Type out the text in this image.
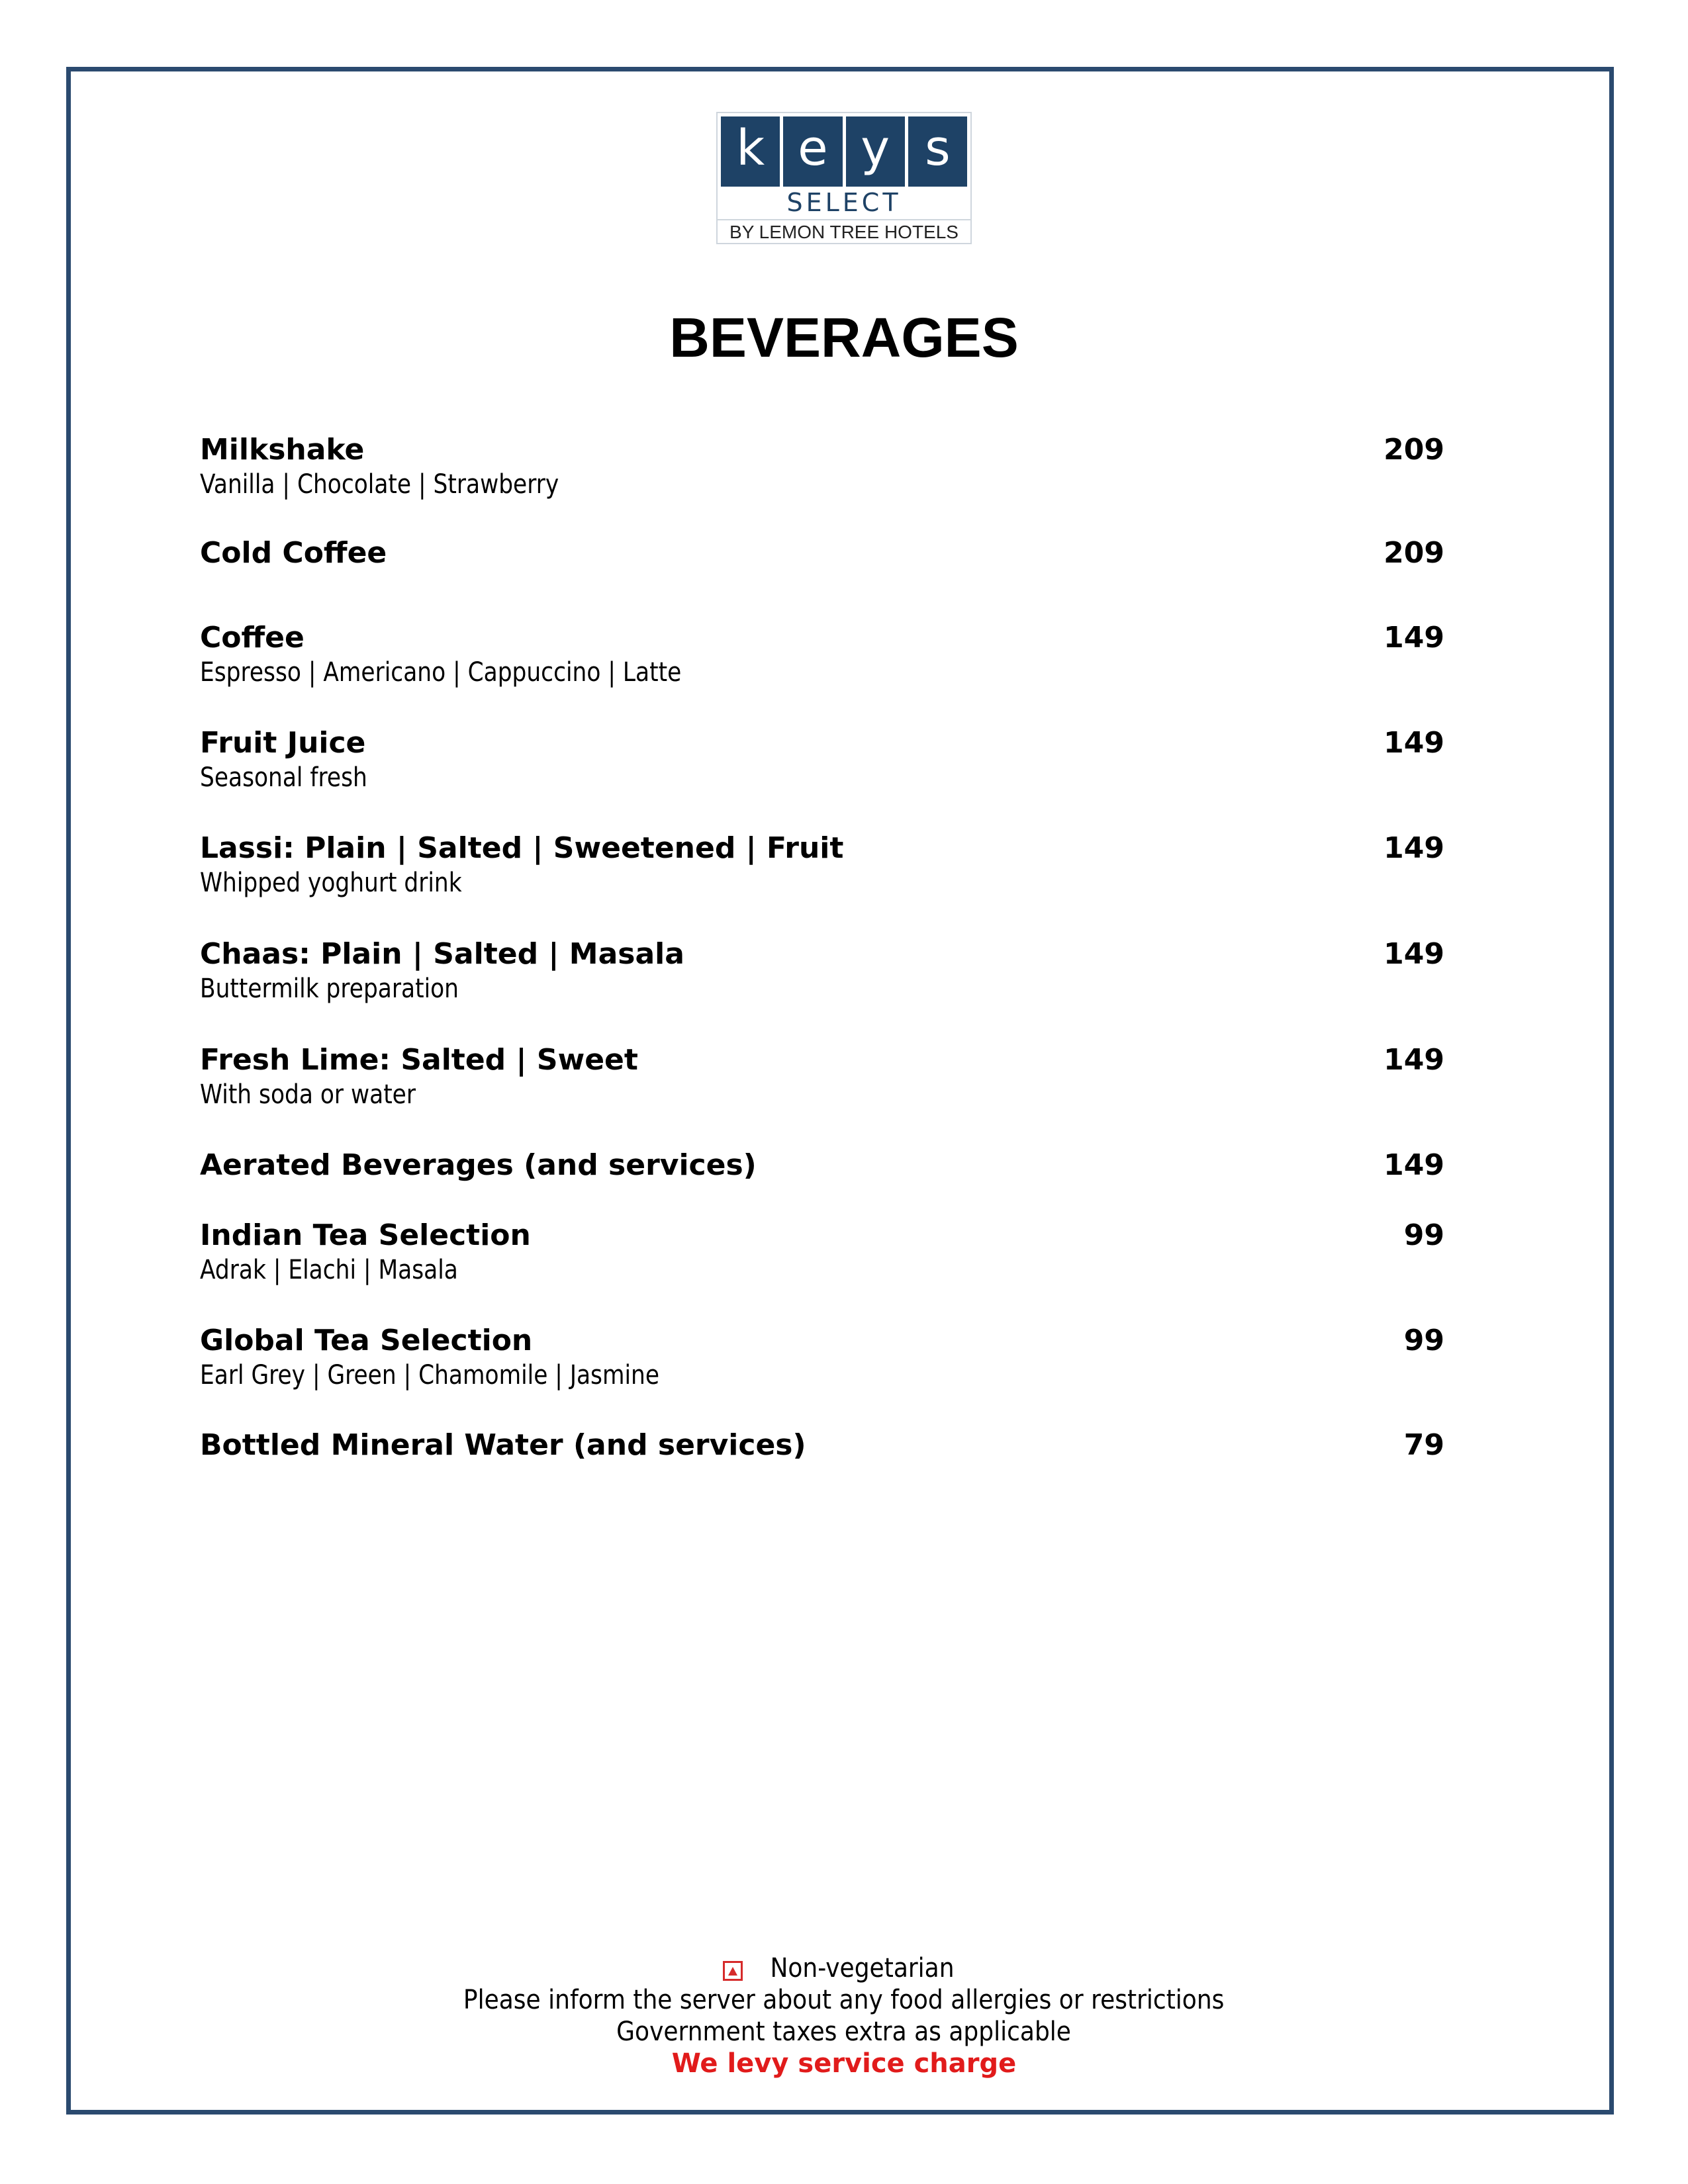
k e y s
SELECT
BY LEMON TREE HOTELS
BEVERAGES
Milkshake	209
Vanilla | Chocolate | Strawberry
Cold Coffee	209
Coffee	149
Espresso | Americano | Cappuccino | Latte
Fruit Juice	149
Seasonal fresh
Lassi: Plain | Salted | Sweetened | Fruit	149
Whipped yoghurt drink
Chaas: Plain | Salted | Masala	149
Buttermilk preparation
Fresh Lime: Salted | Sweet	149
With soda or water
Aerated Beverages (and services)	149
Indian Tea Selection	99
Adrak | Elachi | Masala
Global Tea Selection	99
Earl Grey | Green | Chamomile | Jasmine
Bottled Mineral Water (and services)	79
Non-vegetarian
Please inform the server about any food allergies or restrictions
Government taxes extra as applicable
We levy service charge
